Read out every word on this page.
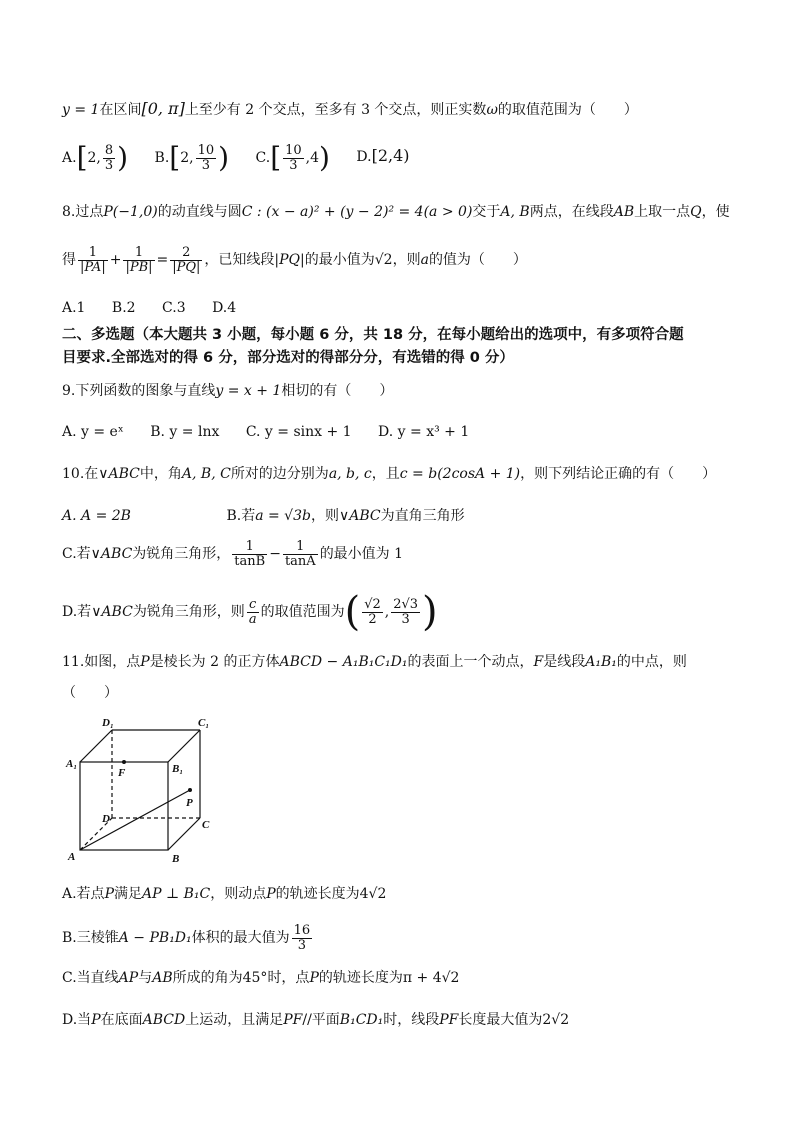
y = 1在区间[0, π]上至少有 2 个交点，至多有 3 个交点，则正实数ω的取值范围为（　　）
A.[2, $\frac{8}{3}$ ) B.[2, $\frac{10}{3}$ ) $C.[ \frac{10}{3} ,4)$ D.[2,4)
8.过点P(−1,0)的动直线与圆C : (x − a)² + (y − 2)² = 4(a > 0)交于A, B两点，在线段AB上取一点Q，使
得 $\frac{1}{|PA|} + \frac{1}{|PB|} = \frac{2}{|PQ|}$ ，已知线段|PQ|的最小值为√2，则a的值为（　　）
A.1 B.2 C.3 D.4
二、多选题（本大题共 3 小题，每小题 6 分，共 18 分，在每小题给出的选项中，有多项符合题
目要求.全部选对的得 6 分，部分选对的得部分分，有选错的得 0 分）
9.下列函数的图象与直线y = x + 1相切的有（　　）
A. y = eˣ B. y = lnx C. y = sinx + 1 D. y = x³ + 1
10.在∨ABC中，角A, B, C所对的边分别为a, b, c，且c = b(2cosA + 1)，则下列结论正确的有（　　）
A. A = 2B	B.若a = √3b，则∨ABC为直角三角形
C.若∨ABC为锐角三角形， $\frac{1}{\tan B} - \frac{1}{\tan A}$ 的最小值为 1
D.若∨ABC为锐角三角形，则 $\frac{c}{a}$ 的取值范围为( $\frac{√2}{2}$ , $\frac{2√3}{3}$ )
11.如图，点P是棱长为 2 的正方体ABCD − A₁B₁C₁D₁的表面上一个动点，F是线段A₁B₁的中点，则
（　　）
D₁	C₁
A₁	B₁
F
P
D	C
A	B
A.若点P满足AP ⊥ B₁C，则动点P的轨迹长度为4√2
B.三棱锥A − PB₁D₁体积的最大值为 $\frac{16}{3}$
C.当直线AP与AB所成的角为45°时，点P的轨迹长度为π + 4√2
D.当P在底面ABCD上运动，且满足PF//平面B₁CD₁时，线段PF长度最大值为2√2
